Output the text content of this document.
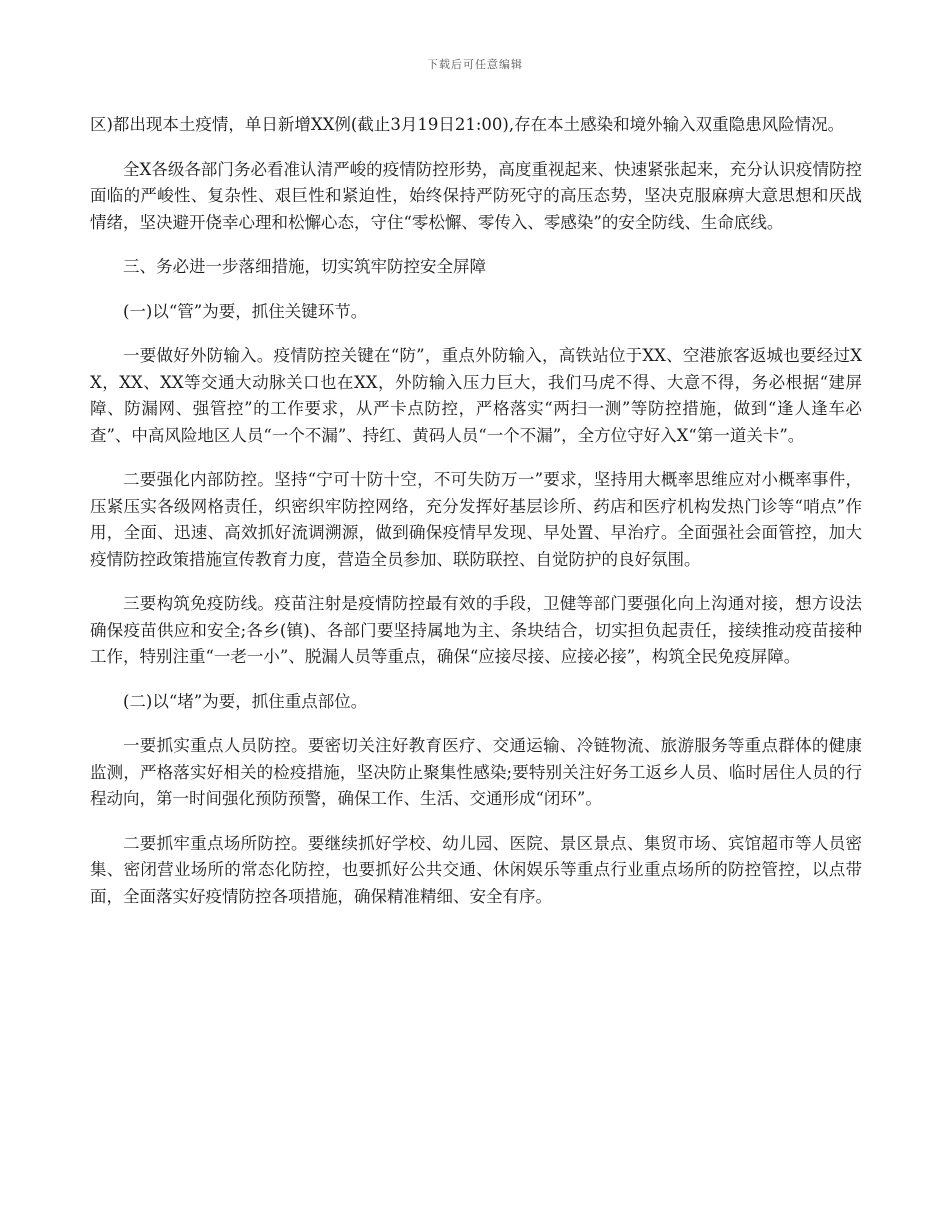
下载后可任意编辑

区)都出现本土疫情，单日新增XX例(截止3月19日21:00),存在本土感染和境外输入双重隐患风险情况。

全X各级各部门务必看准认清严峻的疫情防控形势，高度重视起来、快速紧张起来，充分认识疫情防控面临的严峻性、复杂性、艰巨性和紧迫性，始终保持严防死守的高压态势，坚决克服麻痹大意思想和厌战情绪，坚决避开侥幸心理和松懈心态，守住“零松懈、零传入、零感染”的安全防线、生命底线。

三、务必进一步落细措施，切实筑牢防控安全屏障

(一)以“管”为要，抓住关键环节。

一要做好外防输入。疫情防控关键在“防”，重点外防输入，高铁站位于XX、空港旅客返城也要经过XX，XX、XX等交通大动脉关口也在XX，外防输入压力巨大，我们马虎不得、大意不得，务必根据“建屏障、防漏网、强管控”的工作要求，从严卡点防控，严格落实“两扫一测”等防控措施，做到“逢人逢车必查”、中高风险地区人员“一个不漏”、持红、黄码人员“一个不漏”，全方位守好入X“第一道关卡”。

二要强化内部防控。坚持“宁可十防十空，不可失防万一”要求，坚持用大概率思维应对小概率事件，压紧压实各级网格责任，织密织牢防控网络，充分发挥好基层诊所、药店和医疗机构发热门诊等“哨点”作用，全面、迅速、高效抓好流调溯源，做到确保疫情早发现、早处置、早治疗。全面强社会面管控，加大疫情防控政策措施宣传教育力度，营造全员参加、联防联控、自觉防护的良好氛围。

三要构筑免疫防线。疫苗注射是疫情防控最有效的手段，卫健等部门要强化向上沟通对接，想方设法确保疫苗供应和安全;各乡(镇)、各部门要坚持属地为主、条块结合，切实担负起责任，接续推动疫苗接种工作，特别注重“一老一小”、脱漏人员等重点，确保“应接尽接、应接必接”，构筑全民免疫屏障。

(二)以“堵”为要，抓住重点部位。

一要抓实重点人员防控。要密切关注好教育医疗、交通运输、冷链物流、旅游服务等重点群体的健康监测，严格落实好相关的检疫措施，坚决防止聚集性感染;要特别关注好务工返乡人员、临时居住人员的行程动向，第一时间强化预防预警，确保工作、生活、交通形成“闭环”。

二要抓牢重点场所防控。要继续抓好学校、幼儿园、医院、景区景点、集贸市场、宾馆超市等人员密集、密闭营业场所的常态化防控，也要抓好公共交通、休闲娱乐等重点行业重点场所的防控管控，以点带面，全面落实好疫情防控各项措施，确保精准精细、安全有序。
